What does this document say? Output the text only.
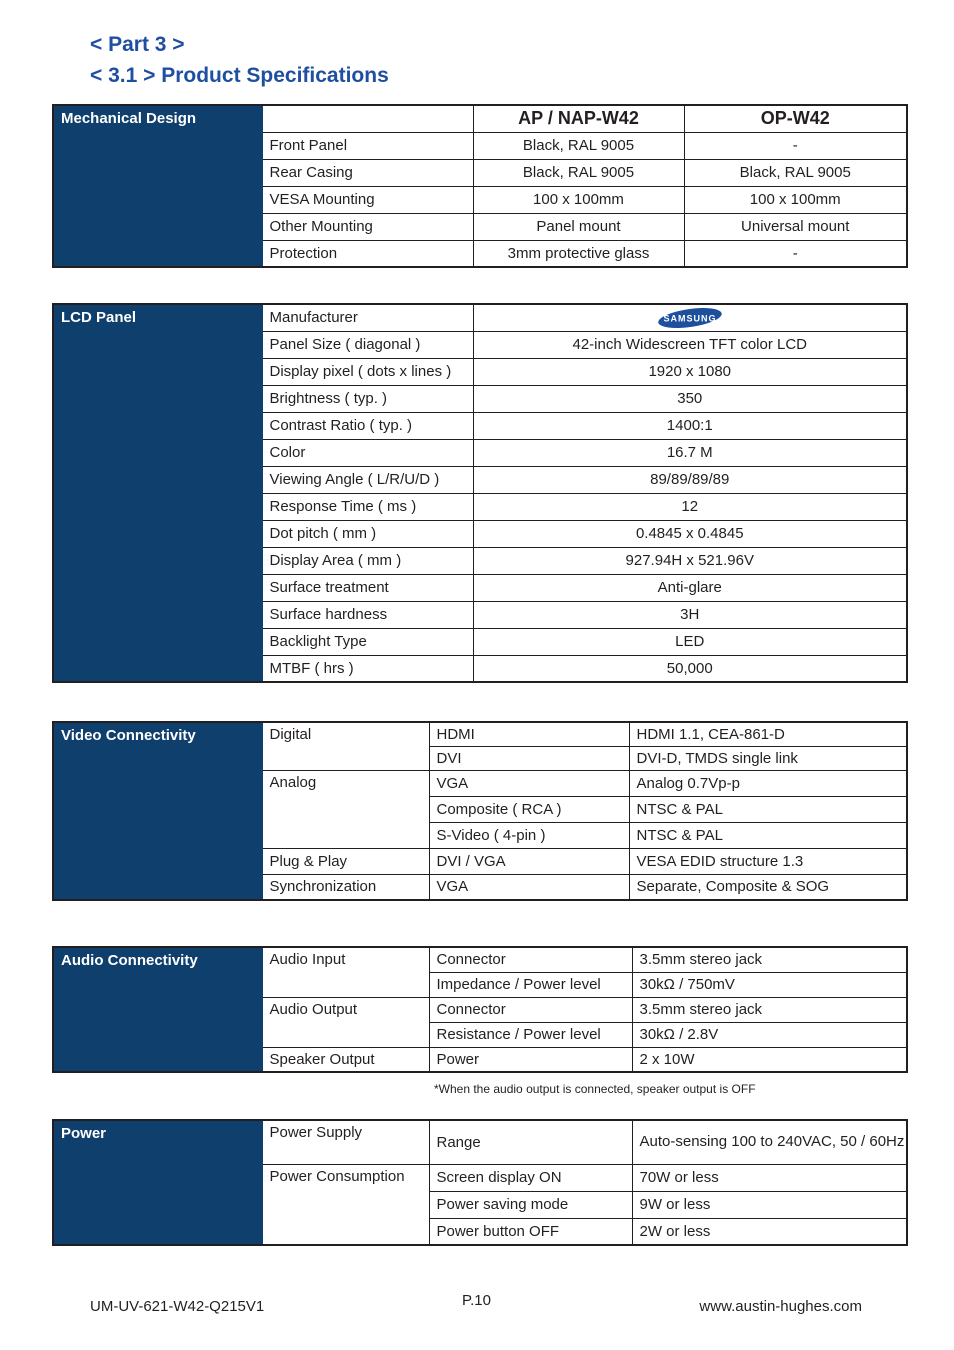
< Part 3 >
< 3.1 > Product Specifications
Mechanical Design		AP / NAP-W42	OP-W42
	Front Panel	Black, RAL 9005	-
	Rear Casing	Black, RAL 9005	Black, RAL 9005
	VESA Mounting	100 x 100mm	100 x 100mm
	Other Mounting	Panel mount	Universal mount
	Protection	3mm protective glass	-
LCD Panel	Manufacturer	SAMSUNG

	Panel Size ( diagonal )	42-inch Widescreen TFT color LCD
	Display pixel ( dots x lines )	1920 x 1080
	Brightness ( typ. )	350
	Contrast Ratio ( typ. )	1400:1
	Color	16.7 M
	Viewing Angle ( L/R/U/D )	89/89/89/89
	Response Time ( ms )	12
	Dot pitch ( mm )	0.4845 x 0.4845
	Display Area ( mm )	927.94H x 521.96V
	Surface treatment	Anti-glare
	Surface hardness	3H
	Backlight Type	LED
	MTBF ( hrs )	50,000
Video Connectivity	Digital	HDMI	HDMI 1.1, CEA-861-D
		DVI	DVI-D, TMDS single link
	Analog	VGA	Analog 0.7Vp-p
		Composite ( RCA )	NTSC & PAL
		S-Video ( 4-pin )	NTSC & PAL
	Plug & Play	DVI / VGA	VESA EDID structure 1.3
	Synchronization	VGA	Separate, Composite & SOG
Audio Connectivity	Audio Input	Connector	3.5mm stereo jack
		Impedance / Power level	30kΩ / 750mV
	Audio Output	Connector	3.5mm stereo jack
		Resistance / Power level	30kΩ / 2.8V
	Speaker Output	Power	2 x 10W
*When the audio output is connected, speaker output is OFF
Power	Power Supply	Range	Auto-sensing 100 to 240VAC, 50 / 60Hz
	Power Consumption	Screen display ON	70W or less
		Power saving mode	9W or less
		Power button OFF	2W or less
UM-UV-621-W42-Q215V1	P.10	www.austin-hughes.com
